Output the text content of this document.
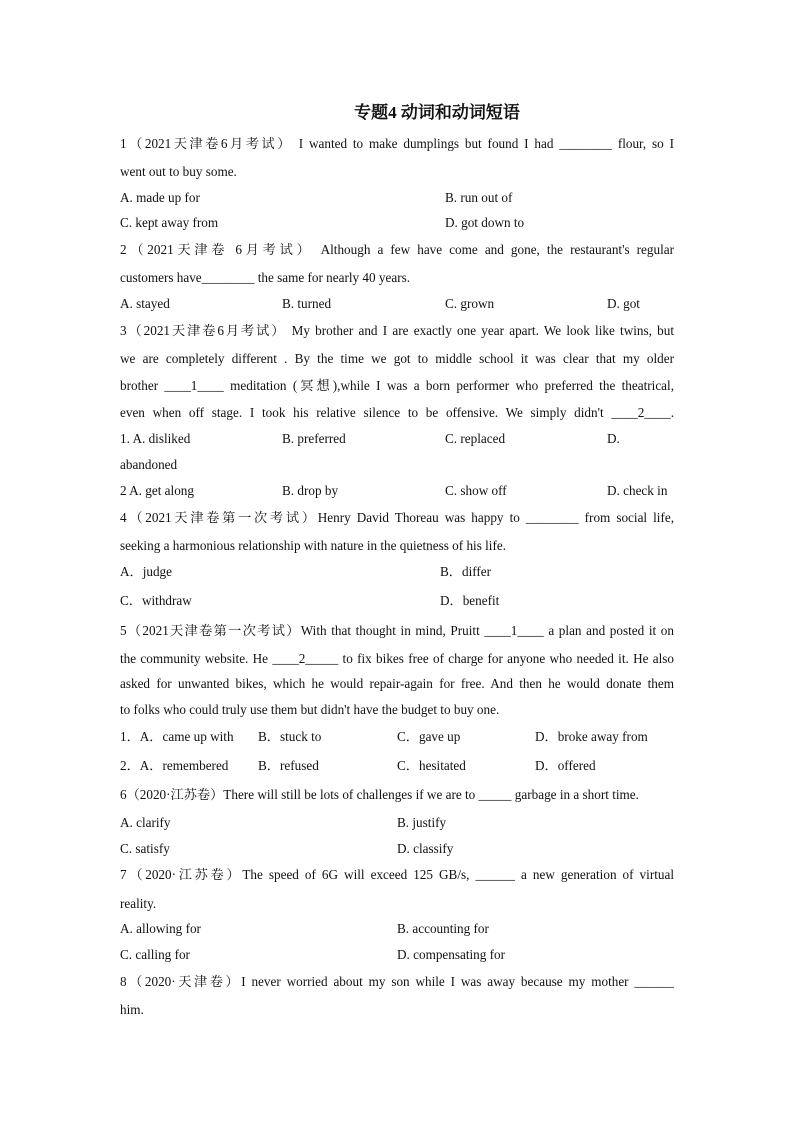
专题4 动词和动词短语
1（2021天津卷6月考试） I wanted to make dumplings but found I had ________ flour, so I
went out to buy some.
A. made up for	B. run out of
C. kept away from	D. got down to
2（2021天津卷 6月考试） Although a few have come and gone, the restaurant's regular
customers have________ the same for nearly 40 years.
A. stayed	B. turned	C. grown	D. got
3（2021天津卷6月考试） My brother and I are exactly one year apart. We look like twins, but
we are completely different . By the time we got to middle school it was clear that my older
brother ____1____ meditation (冥想),while I was a born performer who preferred the theatrical,
even when off stage. I took his relative silence to be offensive. We simply didn't ____2____.
1. A. disliked	B. preferred	C. replaced	D.
abandoned
2 A. get along	B. drop by	C. show off	D. check in
4（2021天津卷第一次考试）Henry David Thoreau was happy to ________ from social life,
seeking a harmonious relationship with nature in the quietness of his life.
A．judge	B．differ
C．withdraw	D．benefit
5（2021天津卷第一次考试）With that thought in mind, Pruitt ____1____ a plan and posted it on
the community website. He ____2_____ to fix bikes free of charge for anyone who needed it. He also
asked for unwanted bikes, which he would repair-again for free. And then he would donate them
to folks who could truly use them but didn't have the budget to buy one.
1．A．came up with B．stuck to	C．gave up	D．broke away from
2．A．remembered B．refused	C．hesitated	D．offered
6（2020·江苏卷）There will still be lots of challenges if we are to _____ garbage in a short time.
A. clarify	B. justify
C. satisfy	D. classify
7（2020·江苏卷）The speed of 6G will exceed 125 GB/s, ______ a new generation of virtual
reality.
A. allowing for	B. accounting for
C. calling for	D. compensating for
8（2020·天津卷）I never worried about my son while I was away because my mother ______
him.
